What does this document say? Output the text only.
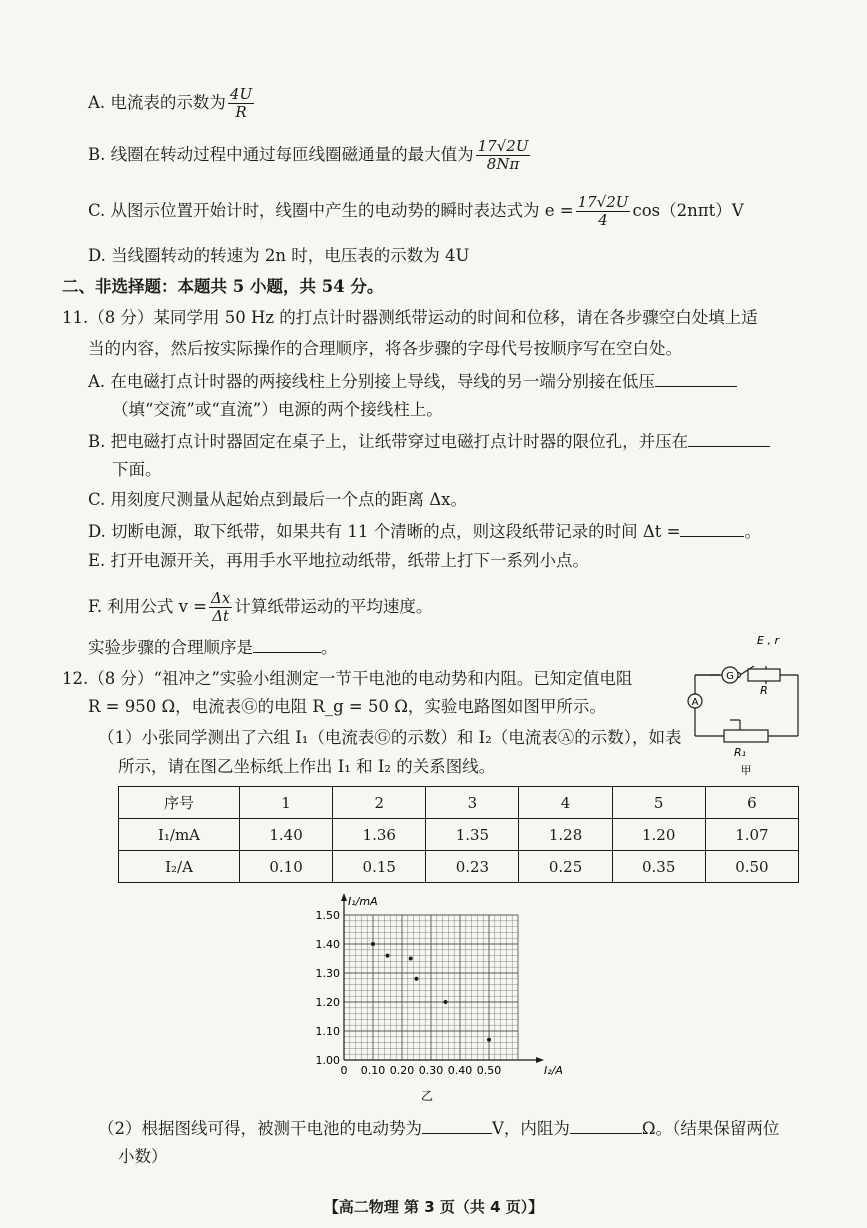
A. 电流表的示数为 $\frac{4U}{R}$
B. 线圈在转动过程中通过每匝线圈磁通量的最大值为 $\frac{17√2U}{8N\pi}$
C. 从图示位置开始计时，线圈中产生的电动势的瞬时表达式为 $e = \frac{17√2U}{4} \cos(2n\pi t)V$
D. 当线圈转动的转速为 2n 时，电压表的示数为 4U
二、非选择题：本题共 5 小题，共 54 分。
11.（8 分）某同学用 50 Hz 的打点计时器测纸带运动的时间和位移，请在各步骤空白处填上适
当的内容，然后按实际操作的合理顺序，将各步骤的字母代号按顺序写在空白处。
A. 在电磁打点计时器的两接线柱上分别接上导线，导线的另一端分别接在低压
（填“交流”或“直流”）电源的两个接线柱上。
B. 把电磁打点计时器固定在桌子上，让纸带穿过电磁打点计时器的限位孔，并压在
下面。
C. 用刻度尺测量从起始点到最后一个点的距离 Δx。
D. 切断电源，取下纸带，如果共有 11 个清晰的点，则这段纸带记录的时间 Δt =	。
E. 打开电源开关，再用手水平地拉动纸带，纸带上打下一系列小点。
F. 利用公式 $v = \frac{\Delta x}{\Delta t}$ 计算纸带运动的平均速度。
实验步骤的合理顺序是	。
12.（8 分）“祖冲之”实验小组测定一节干电池的电动势和内阻。已知定值电阻
R = 950 Ω，电流表Ⓖ的电阻 R_g = 50 Ω，实验电路图如图甲所示。
（1）小张同学测出了六组 I₁（电流表Ⓖ的示数）和 I₂（电流表Ⓐ的示数），如表
所示，请在图乙坐标纸上作出 I₁ 和 I₂ 的关系图线。
A
G
R
E , r
R₁
甲
序号	1	2	3	4	5	6
I₁/mA	1.40	1.36	1.35	1.28	1.20	1.07
I₂/A	0.10	0.15	0.23	0.25	0.35	0.50
1.00
1.10
1.20
1.30
1.40
1.50
0 0.10 0.20 0.30 0.40 0.50
I₁/mA
I₂/A
乙
（2）根据图线可得，被测干电池的电动势为	V，内阻为	Ω。（结果保留两位
小数）
【高二物理 第 3 页（共 4 页）】
